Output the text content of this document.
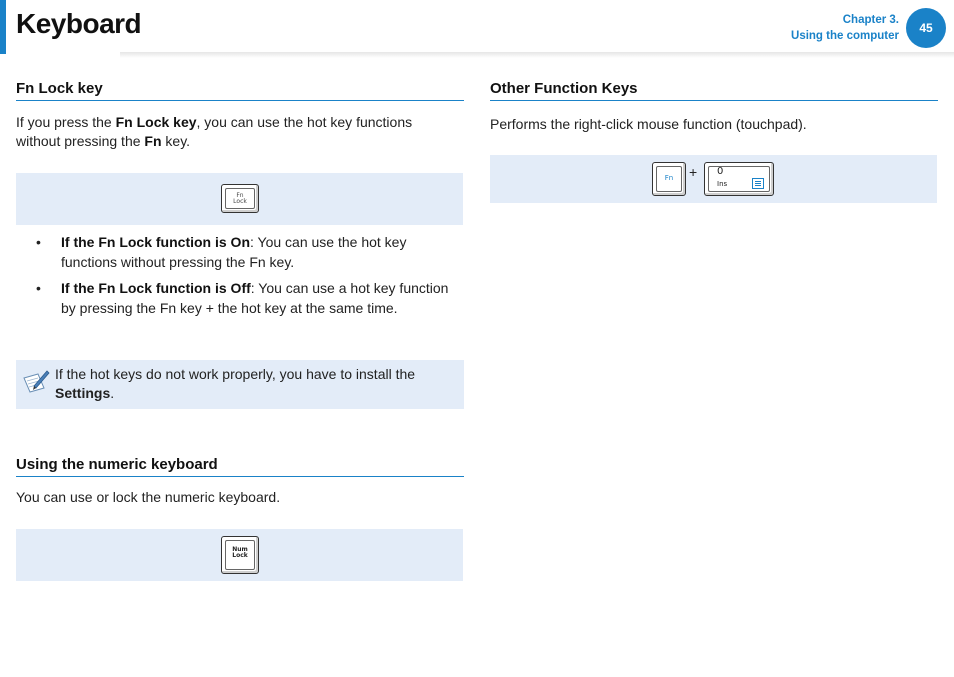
Keyboard	Chapter 3.
Using the computer
45
Fn Lock key
If you press the Fn Lock key, you can use the hot key functions without pressing the Fn key.
Fn
Lock
• If the Fn Lock function is On: You can use the hot key functions without pressing the Fn key.
• If the Fn Lock function is Off: You can use a hot key function by pressing the Fn key + the hot key at the same time.
If the hot keys do not work properly, you have to install the Settings.
Using the numeric keyboard
You can use or lock the numeric keyboard.
Num
Lock
Other Function Keys
Performs the right-click mouse function (touchpad).
Fn	+ 0
Ins
